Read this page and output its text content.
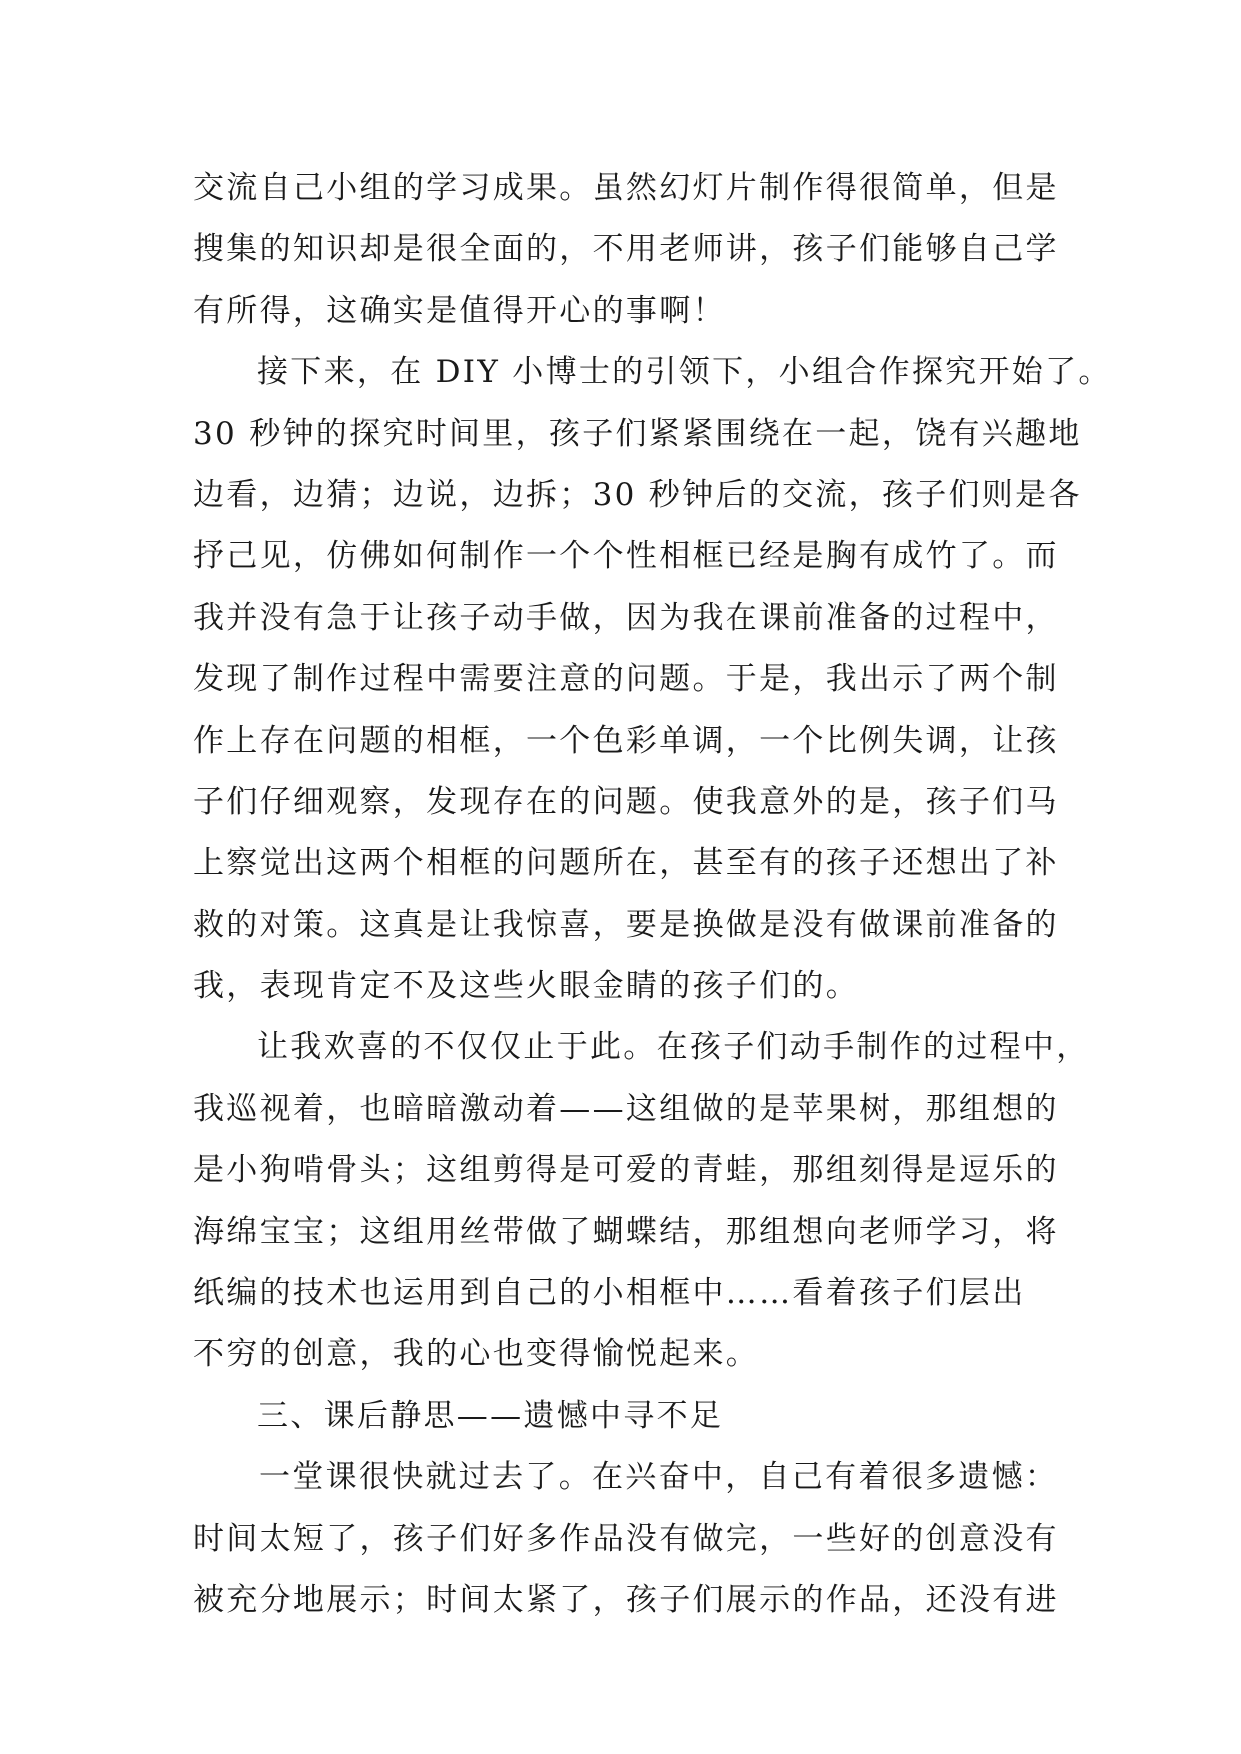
交流自己小组的学习成果。虽然幻灯片制作得很简单，但是
搜集的知识却是很全面的，不用老师讲，孩子们能够自己学
有所得，这确实是值得开心的事啊！
接下来，在 DIY 小博士的引领下，小组合作探究开始了。
30 秒钟的探究时间里，孩子们紧紧围绕在一起，饶有兴趣地
边看，边猜；边说，边拆；30 秒钟后的交流，孩子们则是各
抒己见，仿佛如何制作一个个性相框已经是胸有成竹了。而
我并没有急于让孩子动手做，因为我在课前准备的过程中，
发现了制作过程中需要注意的问题。于是，我出示了两个制
作上存在问题的相框，一个色彩单调，一个比例失调，让孩
子们仔细观察，发现存在的问题。使我意外的是，孩子们马
上察觉出这两个相框的问题所在，甚至有的孩子还想出了补
救的对策。这真是让我惊喜，要是换做是没有做课前准备的
我，表现肯定不及这些火眼金睛的孩子们的。
让我欢喜的不仅仅止于此。在孩子们动手制作的过程中，
我巡视着，也暗暗激动着——这组做的是苹果树，那组想的
是小狗啃骨头；这组剪得是可爱的青蛙，那组刻得是逗乐的
海绵宝宝；这组用丝带做了蝴蝶结，那组想向老师学习，将
纸编的技术也运用到自己的小相框中……看着孩子们层出
不穷的创意，我的心也变得愉悦起来。
三、课后静思——遗憾中寻不足
一堂课很快就过去了。在兴奋中，自己有着很多遗憾：
时间太短了，孩子们好多作品没有做完，一些好的创意没有
被充分地展示；时间太紧了，孩子们展示的作品，还没有进
